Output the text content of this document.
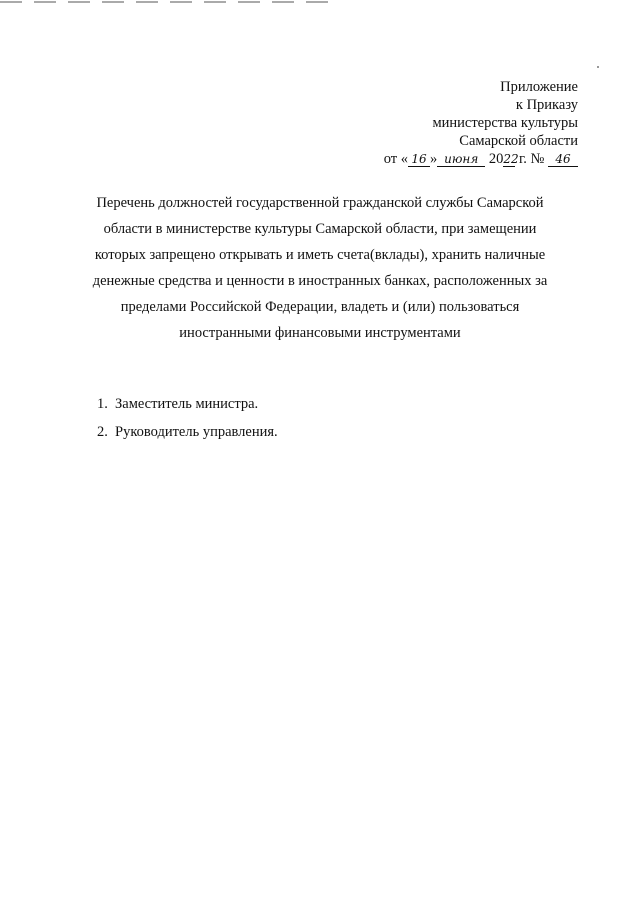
Приложение
к Приказу
министерства культуры
Самарской области
от « 16 » июня 2022 г. № 46
Перечень должностей государственной гражданской службы Самарской
области в министерстве культуры Самарской области, при замещении
которых запрещено открывать и иметь счета(вклады), хранить наличные
денежные средства и ценности в иностранных банках, расположенных за
пределами Российской Федерации, владеть и (или) пользоваться
иностранными финансовыми инструментами
1. Заместитель министра.
2. Руководитель управления.
